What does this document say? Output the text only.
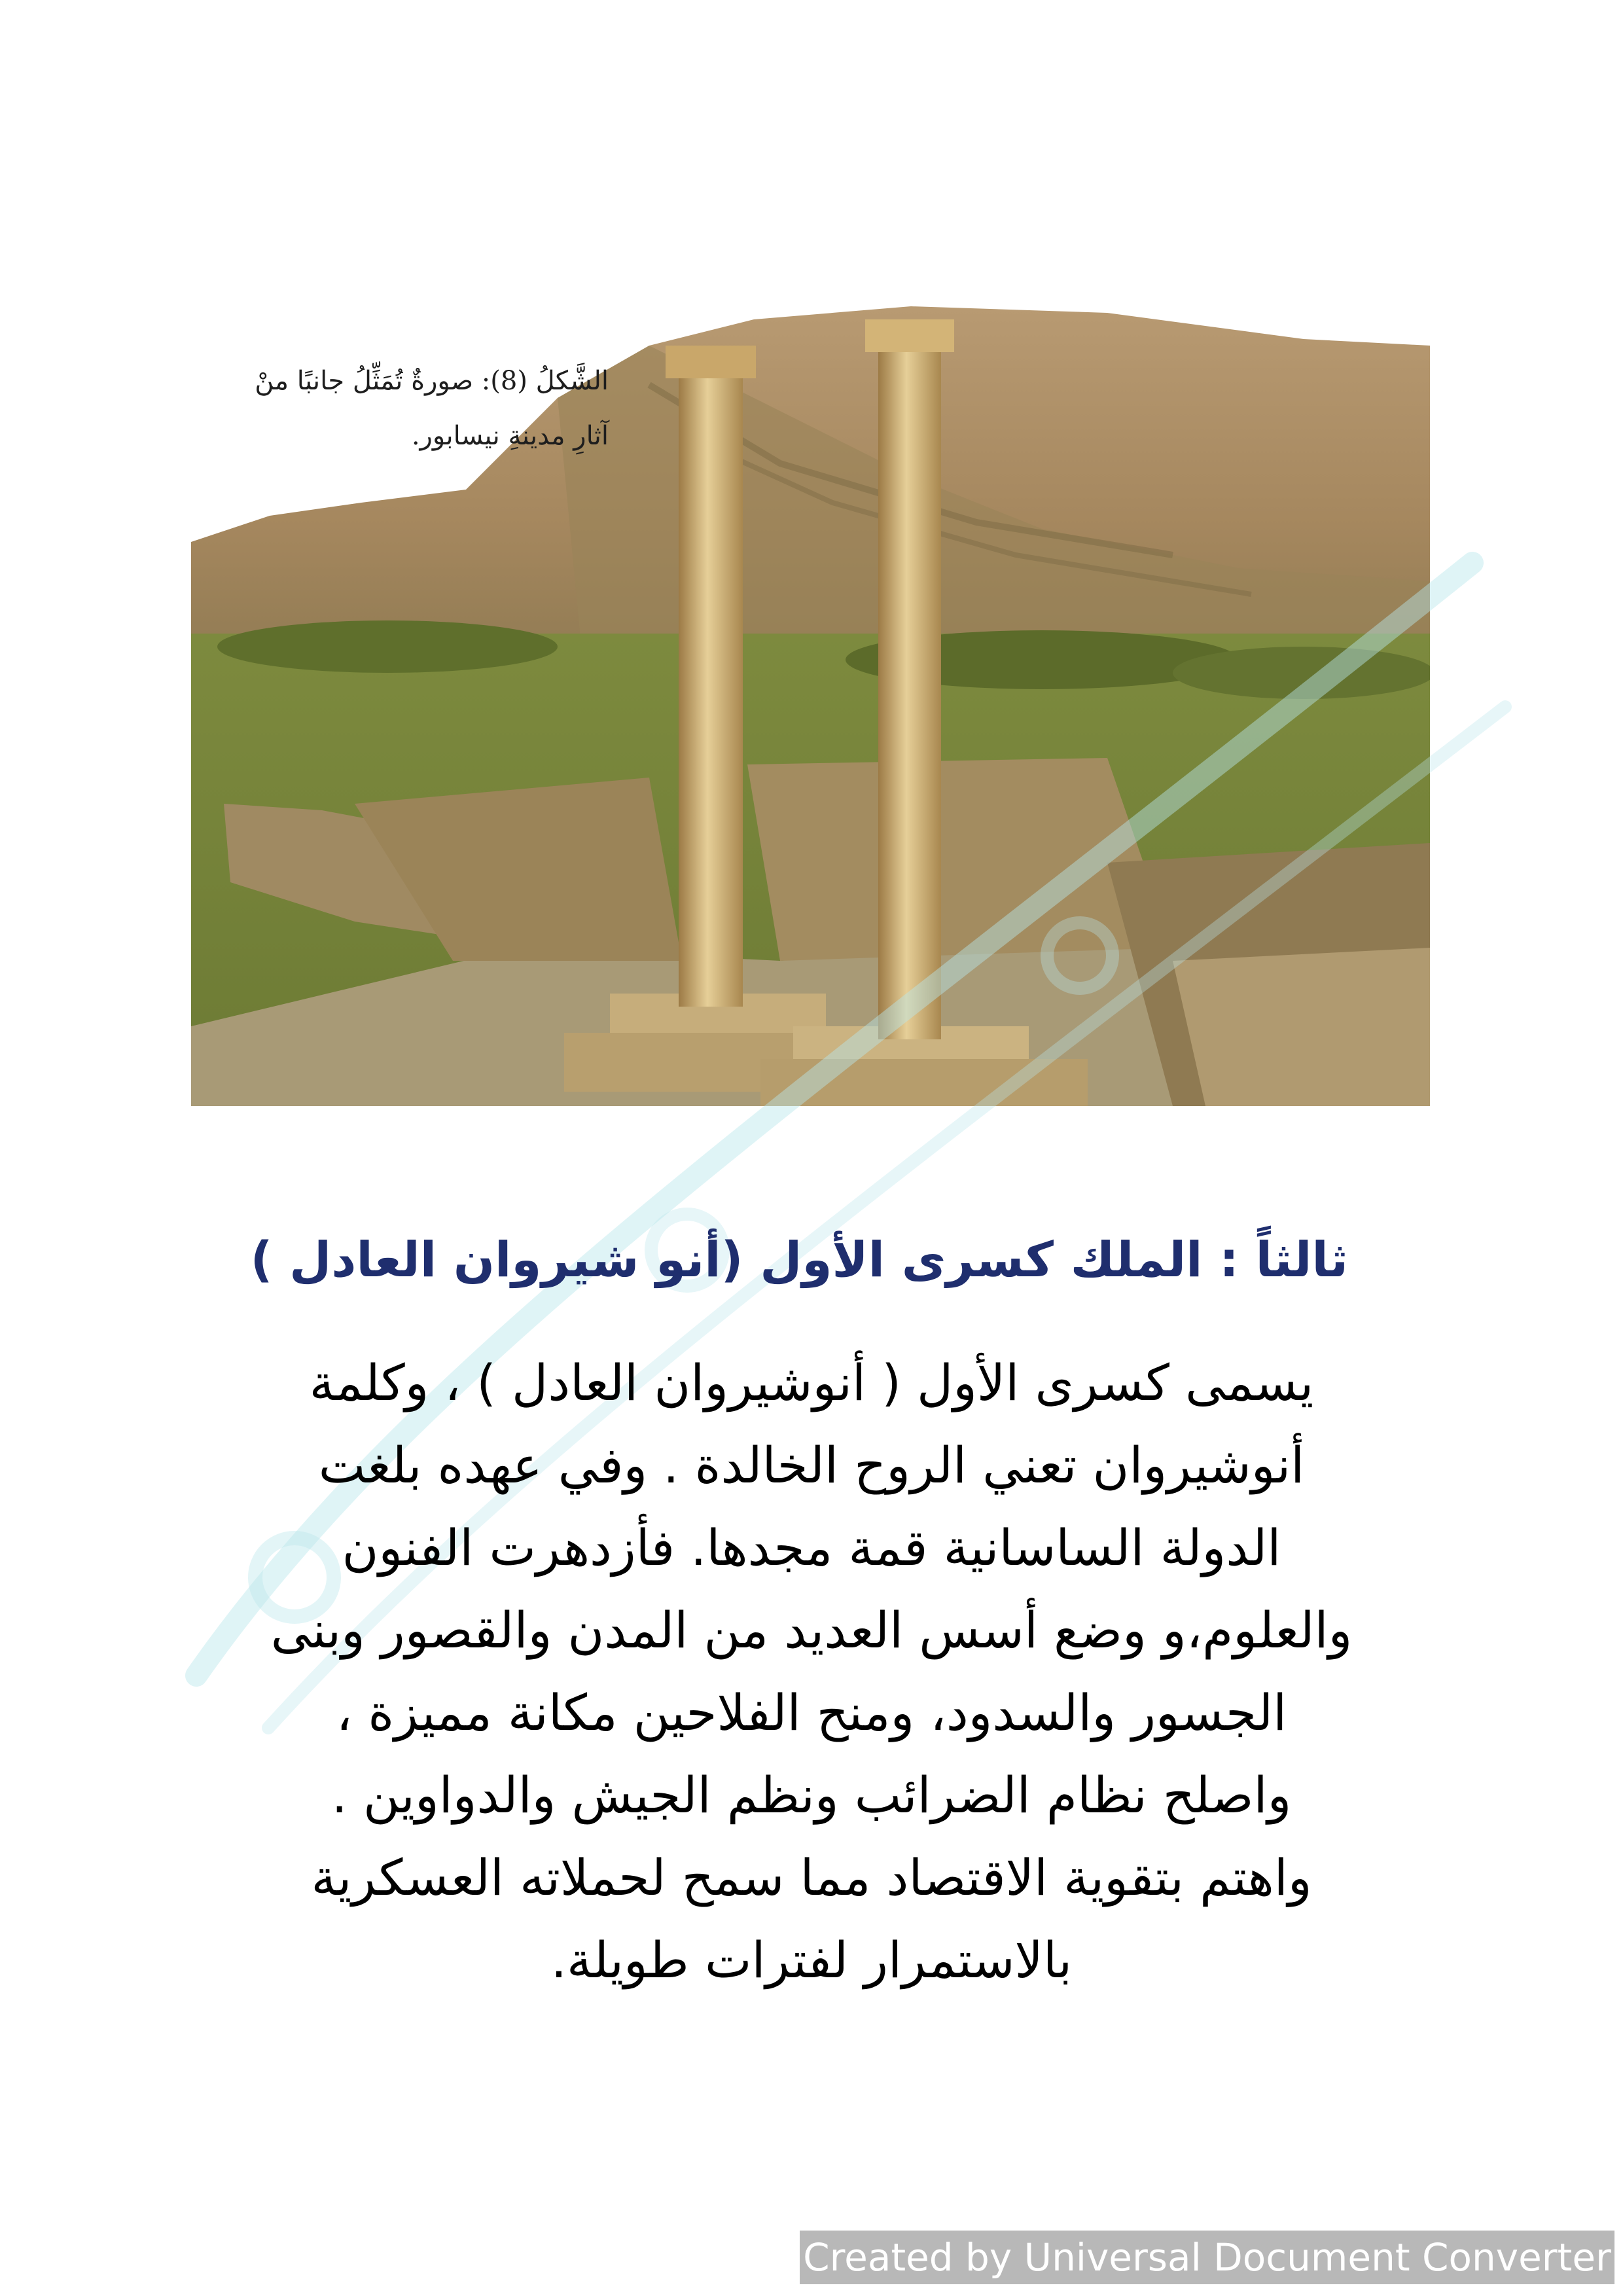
الشَّكلُ (8): صورةٌ تُمَثِّلُ جانبًا منْ
آثارِ مدينةِ نيسابور.
ثالثاً : الملك كسرى الأول (أنو شيروان العادل )
يسمى كسرى الأول ( أنوشيروان العادل ) ، وكلمة
أنوشيروان تعني الروح الخالدة . وفي عهده بلغت
الدولة الساسانية قمة مجدها. فأزدهرت الفنون
والعلوم،و وضع أسس العديد من المدن والقصور وبنى
الجسور والسدود، ومنح الفلاحين مكانة مميزة ،
واصلح نظام الضرائب ونظم الجيش والدواوين .
واهتم بتقوية الاقتصاد مما سمح لحملاته العسكرية
بالاستمرار لفترات طويلة.
Created by Universal Document Converter
